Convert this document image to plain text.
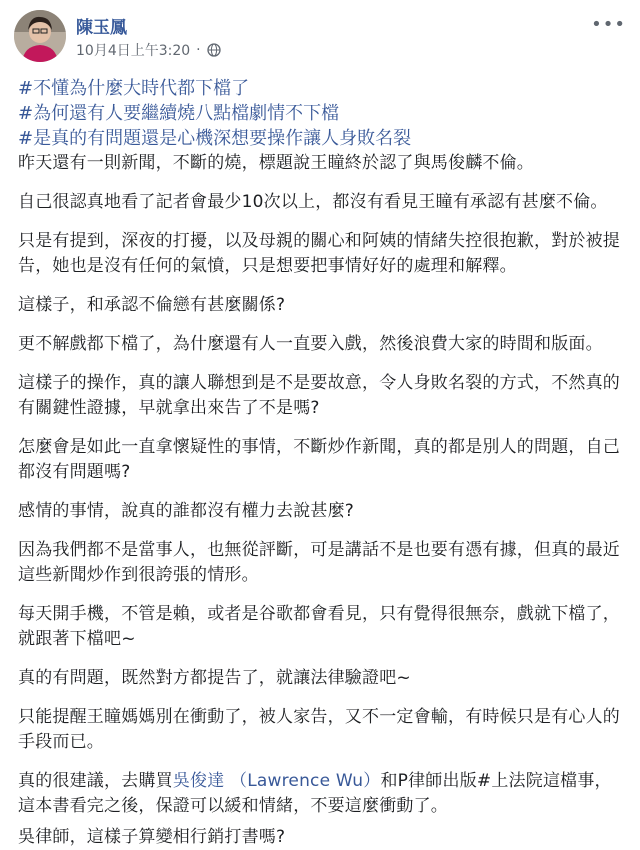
陳玉鳳
10月4日上午3:20 ·
•••
#不懂為什麼大時代都下檔了
#為何還有人要繼續燒八點檔劇情不下檔
#是真的有問題還是心機深想要操作讓人身敗名裂
昨天還有一則新聞，不斷的燒，標題說王瞳終於認了與馬俊麟不倫。
自己很認真地看了記者會最少10次以上，都沒有看見王瞳有承認有甚麼不倫。
只是有提到，深夜的打擾，以及母親的關心和阿姨的情緒失控很抱歉，對於被提告，她也是沒有任何的氣憤，只是想要把事情好好的處理和解釋。
這樣子，和承認不倫戀有甚麼關係?
更不解戲都下檔了，為什麼還有人一直要入戲，然後浪費大家的時間和版面。
這樣子的操作，真的讓人聯想到是不是要故意，令人身敗名裂的方式，不然真的有關鍵性證據，早就拿出來告了不是嗎?
怎麼會是如此一直拿懷疑性的事情，不斷炒作新聞，真的都是別人的問題，自己都沒有問題嗎?
感情的事情，說真的誰都沒有權力去說甚麼?
因為我們都不是當事人，也無從評斷，可是講話不是也要有憑有據，但真的最近這些新聞炒作到很誇張的情形。
每天開手機，不管是賴，或者是谷歌都會看見，只有覺得很無奈，戲就下檔了，就跟著下檔吧~
真的有問題，既然對方都提告了，就讓法律驗證吧~
只能提醒王瞳媽媽別在衝動了，被人家告，又不一定會輸，有時候只是有心人的手段而已。
真的很建議，去購買吳俊達 （Lawrence Wu）和P律師出版#上法院這檔事，這本書看完之後，保證可以緩和情緒，不要這麼衝動了。
吳律師，這樣子算變相行銷打書嗎?
